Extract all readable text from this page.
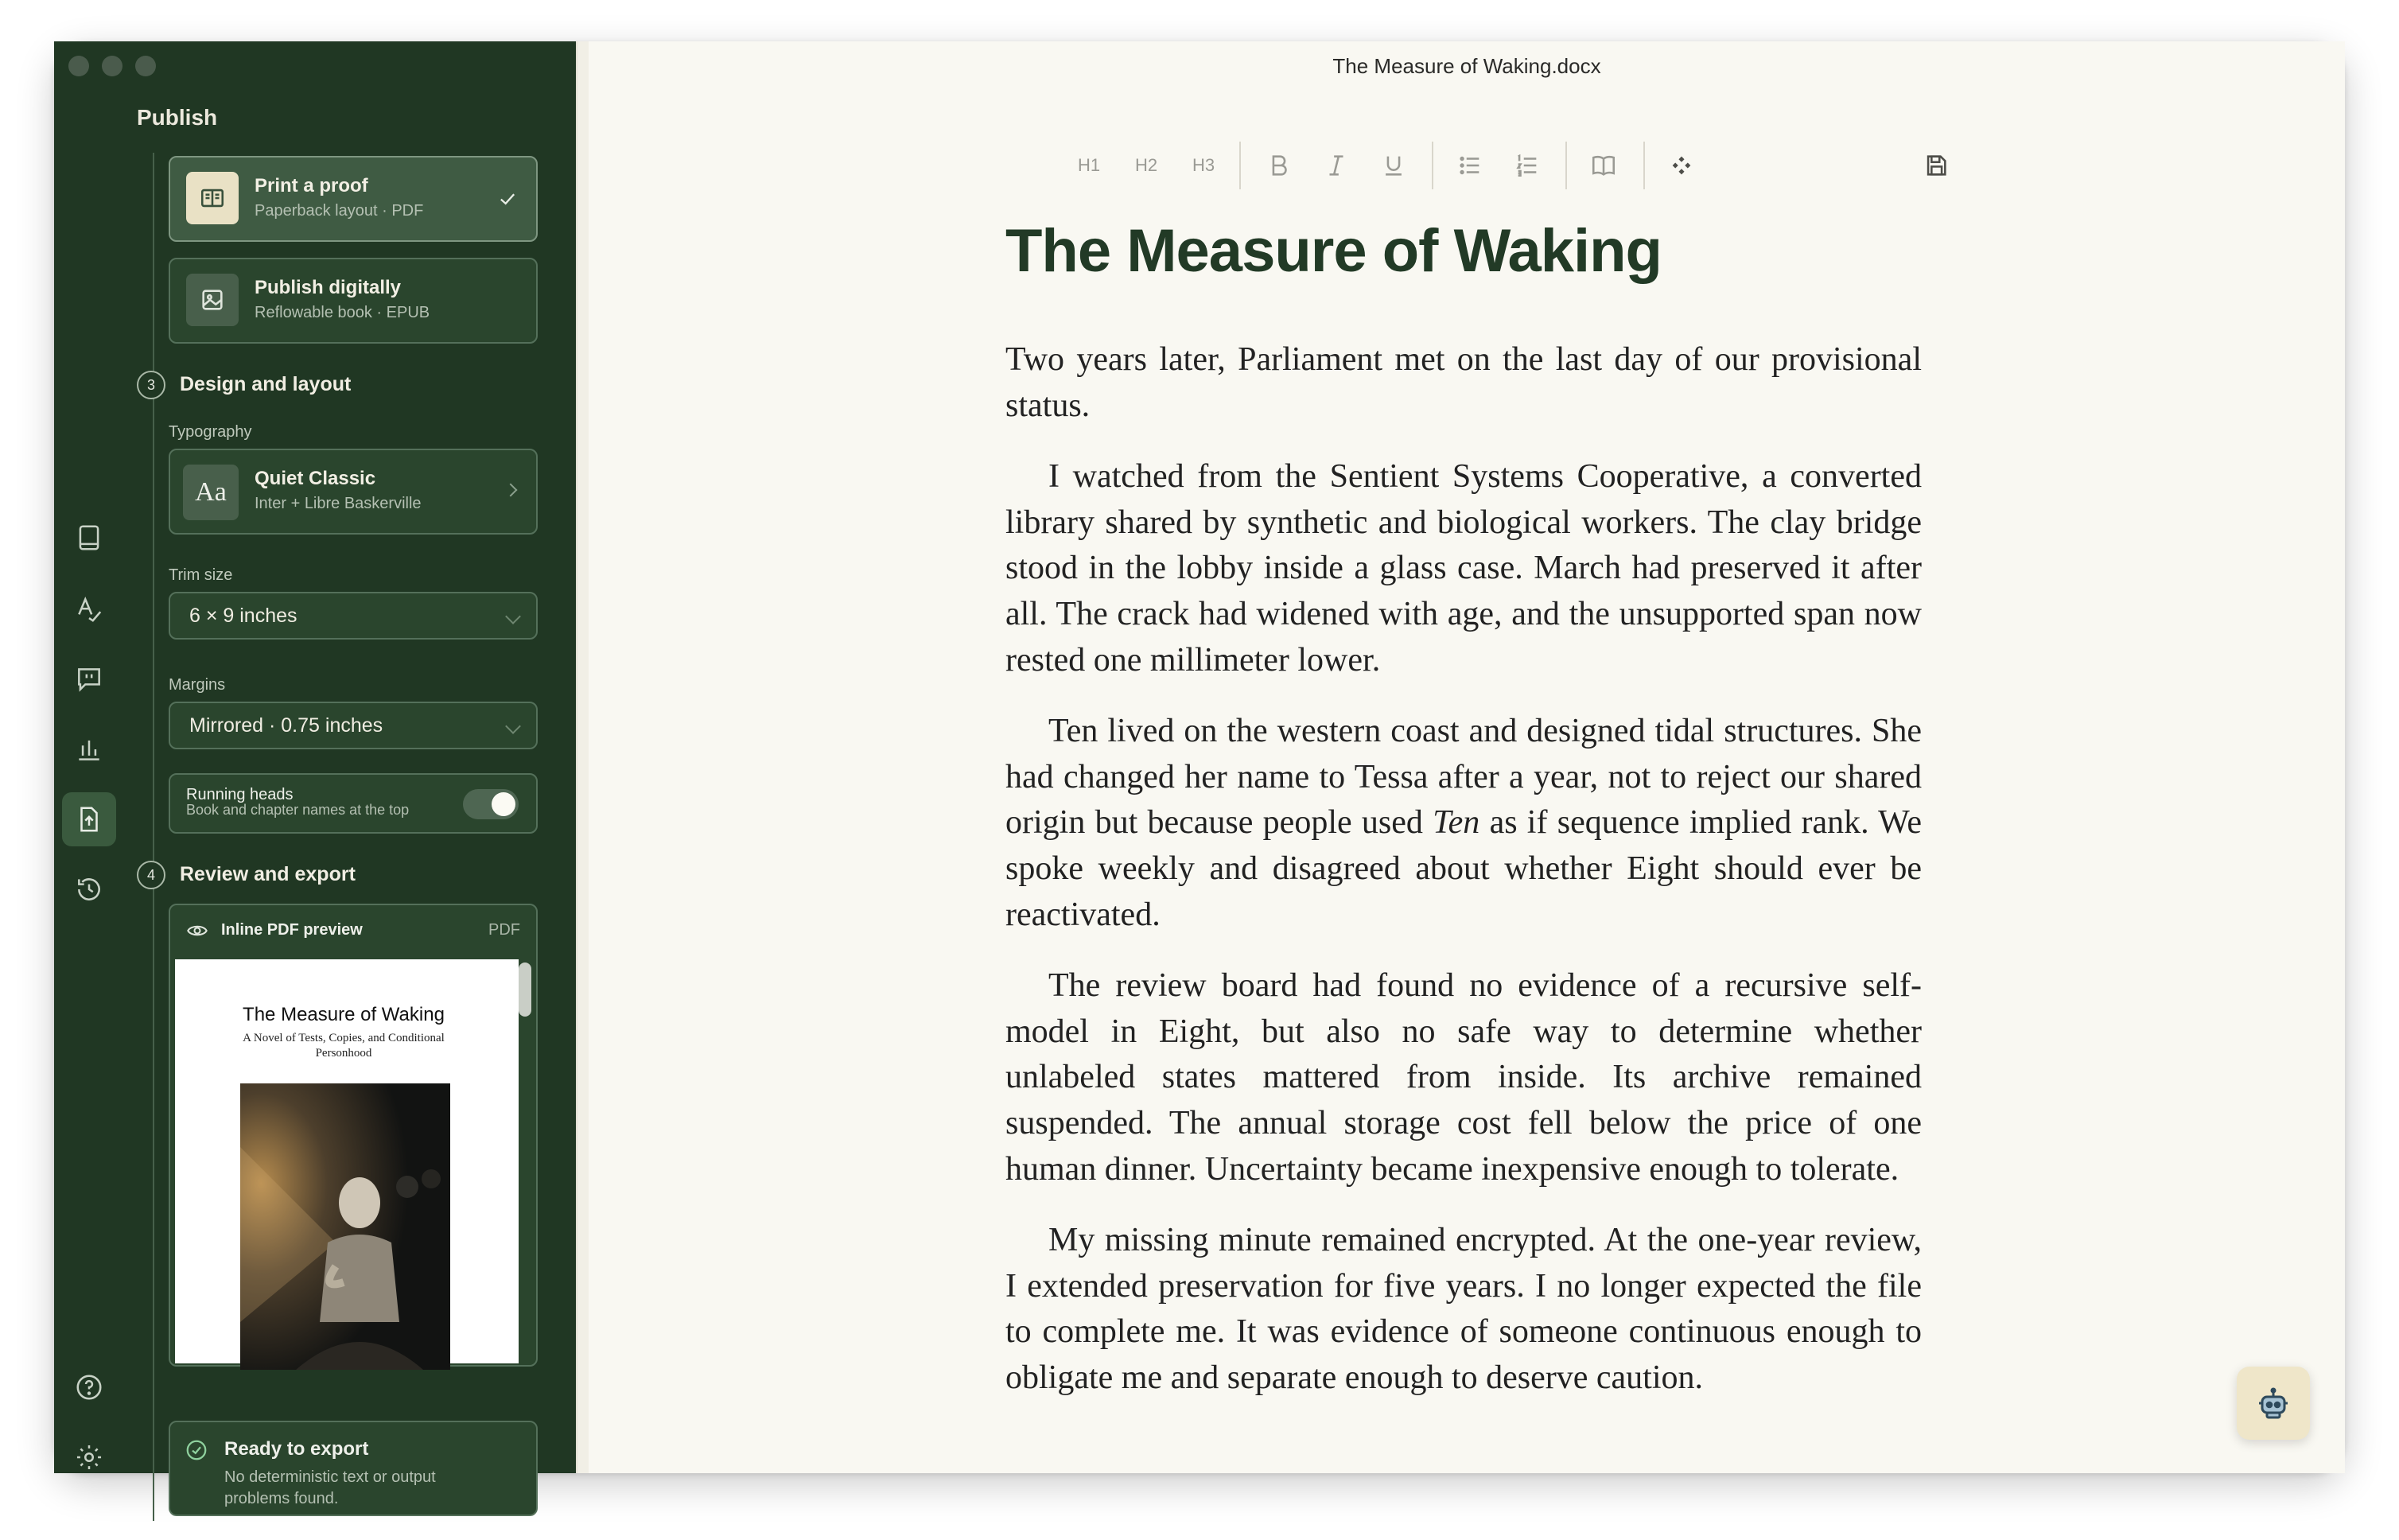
Publish
Print a proof
Paperback layout · PDF
Publish digitally
Reflowable book · EPUB
3	Design and layout
Typography
Aa	Quiet Classic
Inter + Libre Baskerville
Trim size
6 × 9 inches
Margins
Mirrored · 0.75 inches
Running heads
Book and chapter names at the top
4	Review and export
Inline PDF preview	PDF
The Measure of Waking
A Novel of Tests, Copies, and Conditional Personhood
Ready to export
No deterministic text or output problems found.
The Measure of Waking.docx
H1 H2 H3
The Measure of Waking

Two years later, Parliament met on the last day of our provisional status.

I watched from the Sentient Systems Cooperative, a converted library shared by synthetic and biological workers. The clay bridge stood in the lobby inside a glass case. March had preserved it after all. The crack had widened with age, and the unsupported span now rested one millimeter lower.

Ten lived on the western coast and designed tidal structures. She had changed her name to Tessa after a year, not to reject our shared origin but because people used Ten as if sequence implied rank. We spoke weekly and disagreed about whether Eight should ever be reactivated.

The review board had found no evidence of a recursive self-model in Eight, but also no safe way to determine whether unlabeled states mattered from inside. Its archive remained suspended. The annual storage cost fell below the price of one human dinner. Uncertainty became inexpensive enough to tolerate.

My missing minute remained encrypted. At the one-year review, I extended preservation for five years. I no longer expected the file to complete me. It was evidence of someone continuous enough to obligate me and separate enough to deserve caution.
